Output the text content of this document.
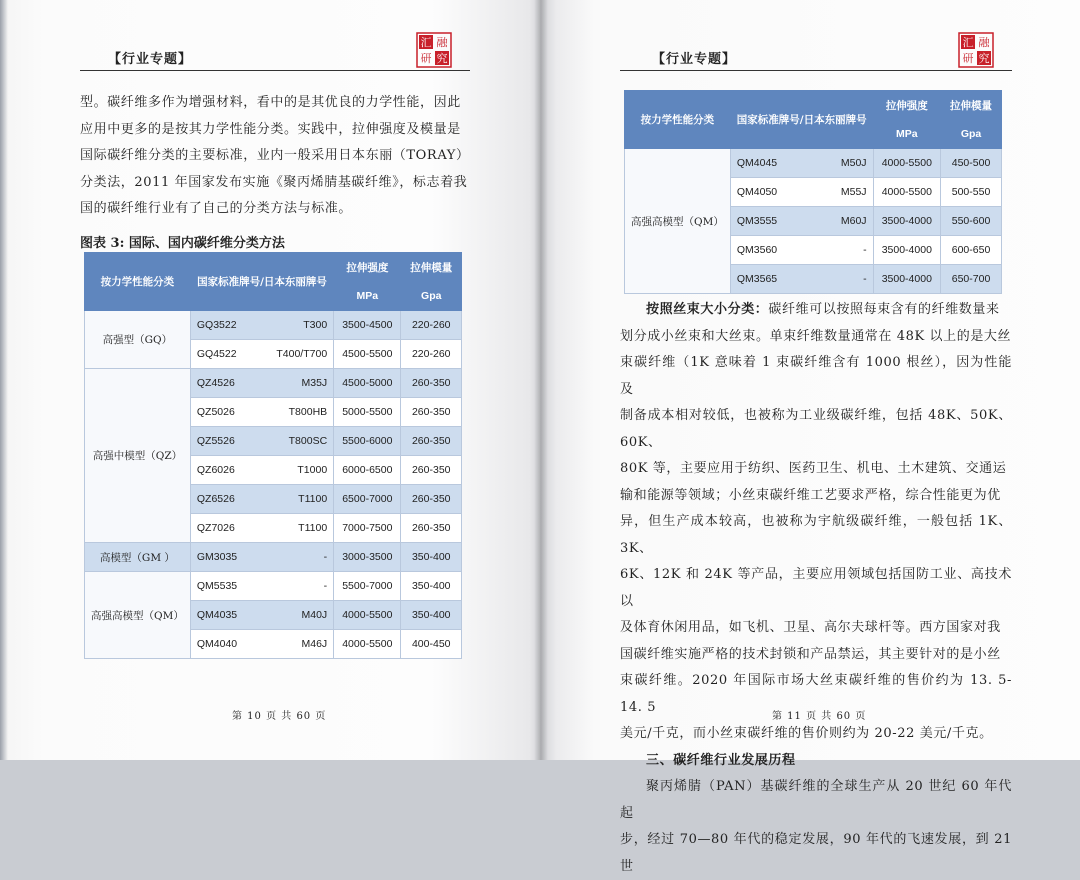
【行业专题】
汇 融
研 究

型。碳纤维多作为增强材料，看中的是其优良的力学性能，因此

应用中更多的是按其力学性能分类。实践中，拉伸强度及模量是

国际碳纤维分类的主要标准，业内一般采用日本东丽（TORAY）

分类法，2011 年国家发布实施《聚丙烯腈基碳纤维》，标志着我

国的碳纤维行业有了自己的分类方法与标准。

图表 3: 国际、国内碳纤维分类方法
按力学性能分类	国家标准牌号/日本东丽牌号	拉伸强度	拉伸模量
		MPa	Gpa
高强型（GQ）	GQ3522 T300	3500-4500	220-260

	GQ4522 T400/T700	4500-5500	220-260
高强中模型（QZ）	QZ4526 M35J	4500-5000	260-350

	QZ5026 T800HB	5000-5500	260-350

	QZ5526 T800SC	5500-6000	260-350

	QZ6026 T1000	6000-6500	260-350

	QZ6526 T1100	6500-7000	260-350

	QZ7026 T1100	7000-7500	260-350
高模型（GM ）	GM3035 -	3000-3500	350-400
高强高模型（QM）	QM5535 -	5500-7000	350-400

	QM4035 M40J	4000-5500	350-400

	QM4040 M46J	4000-5500	400-450
第 10 页 共 60 页
【行业专题】
汇 融
研 究
按力学性能分类	国家标准牌号/日本东丽牌号	拉伸强度	拉伸模量
		MPa	Gpa
高强高模型（QM）	QM4045 M50J	4000-5500	450-500

	QM4050 M55J	4000-5500	500-550

	QM3555 M60J	3500-4000	550-600

	QM3560 -	3500-4000	600-650

	QM3565 -	3500-4000	650-700

按照丝束大小分类：碳纤维可以按照每束含有的纤维数量来

划分成小丝束和大丝束。单束纤维数量通常在 48K 以上的是大丝

束碳纤维（1K 意味着 1 束碳纤维含有 1000 根丝），因为性能及

制备成本相对较低，也被称为工业级碳纤维，包括 48K、50K、60K、

80K 等，主要应用于纺织、医药卫生、机电、土木建筑、交通运

输和能源等领域；小丝束碳纤维工艺要求严格，综合性能更为优

异，但生产成本较高，也被称为宇航级碳纤维，一般包括 1K、3K、

6K、12K 和 24K 等产品，主要应用领域包括国防工业、高技术以

及体育休闲用品，如飞机、卫星、高尔夫球杆等。西方国家对我

国碳纤维实施严格的技术封锁和产品禁运，其主要针对的是小丝

束碳纤维。2020 年国际市场大丝束碳纤维的售价约为 13. 5-14. 5

美元/千克，而小丝束碳纤维的售价则约为 20-22 美元/千克。

三、碳纤维行业发展历程

聚丙烯腈（PAN）基碳纤维的全球生产从 20 世纪 60 年代起

步，经过 70—80 年代的稳定发展，90 年代的飞速发展，到 21 世

第 11 页 共 60 页
